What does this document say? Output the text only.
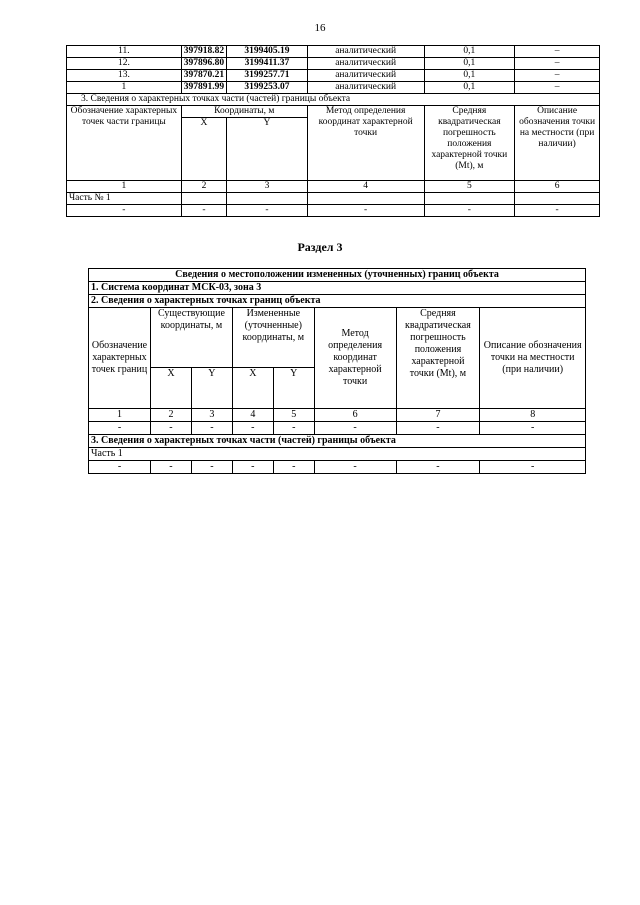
16
11.	397918.82	3199405.19	аналитический	0,1	–
12.	397896.80	3199411.37	аналитический	0,1	–
13.	397870.21	3199257.71	аналитический	0,1	–
1	397891.99	3199253.07	аналитический	0,1	–
3. Сведения о характерных точках части (частей) границы объекта					
Обозначение характерных точек части границы	Координаты, м		Метод определения координат характерной точки	Средняя квадратическая погрешность положения характерной точки (Mt), м	Описание обозначения точки на местности (при наличии)
	X	Y			
1	2	3	4	5	6
Часть № 1					
-	-	-	-	-	-
Раздел 3
Сведения о местоположении измененных (уточненных) границ объекта							
1. Система координат МСК-03, зона 3							
2. Сведения о характерных точках границ объекта							
Обозначение характерных точек границ	Существующие координаты, м		Измененные (уточненные) координаты, м		Метод определения координат характерной точки	Средняя квадратическая погрешность положения характерной точки (Mt), м	Описание обозначения точки на местности (при наличии)
	X	Y	X	Y			
1	2	3	4	5	6	7	8
-	-	-	-	-	-	-	-
3. Сведения о характерных точках части (частей) границы объекта							
Часть 1							
-	-	-	-	-	-	-	-
